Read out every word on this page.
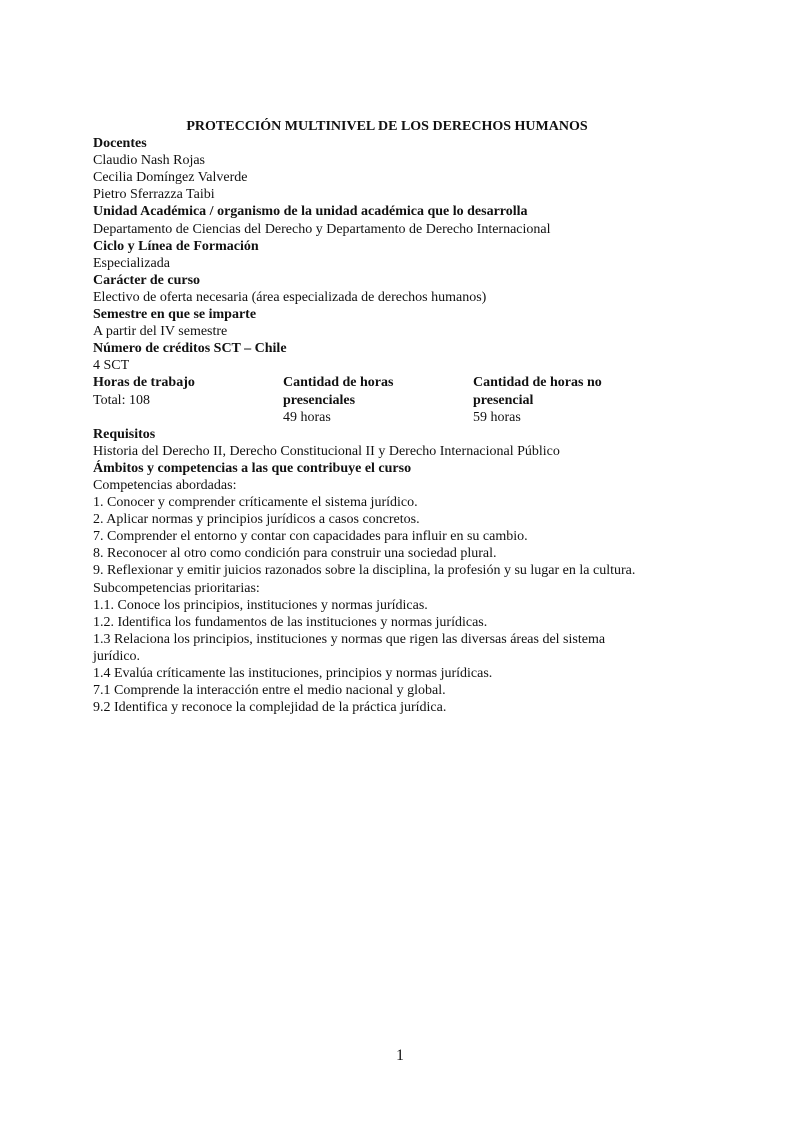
PROTECCIÓN MULTINIVEL DE LOS DERECHOS HUMANOS

Docentes

Claudio Nash Rojas

Cecilia Domíngez Valverde

Pietro Sferrazza Taibi

Unidad Académica / organismo de la unidad académica que lo desarrolla

Departamento de Ciencias del Derecho y Departamento de Derecho Internacional

Ciclo y Línea de Formación

Especializada

Carácter de curso

Electivo de oferta necesaria (área especializada de derechos humanos)

Semestre en que se imparte

A partir del IV semestre

Número de créditos SCT – Chile

4 SCT

Horas de trabajo
Total: 108
Cantidad de horas
presenciales
49 horas
Cantidad de horas no
presencial
59 horas

Requisitos

Historia del Derecho II, Derecho Constitucional II y Derecho Internacional Público

Ámbitos y competencias a las que contribuye el curso

Competencias abordadas:

1. Conocer y comprender críticamente el sistema jurídico.

2. Aplicar normas y principios jurídicos a casos concretos.

7. Comprender el entorno y contar con capacidades para influir en su cambio.

8. Reconocer al otro como condición para construir una sociedad plural.

9. Reflexionar y emitir juicios razonados sobre la disciplina, la profesión y su lugar en la cultura.

Subcompetencias prioritarias:

1.1. Conoce los principios, instituciones y normas jurídicas.

1.2. Identifica los fundamentos de las instituciones y normas jurídicas.

1.3 Relaciona los principios, instituciones y normas que rigen las diversas áreas del sistema jurídico.

1.4 Evalúa críticamente las instituciones, principios y normas jurídicas.

7.1 Comprende la interacción entre el medio nacional y global.

9.2 Identifica y reconoce la complejidad de la práctica jurídica.

1
